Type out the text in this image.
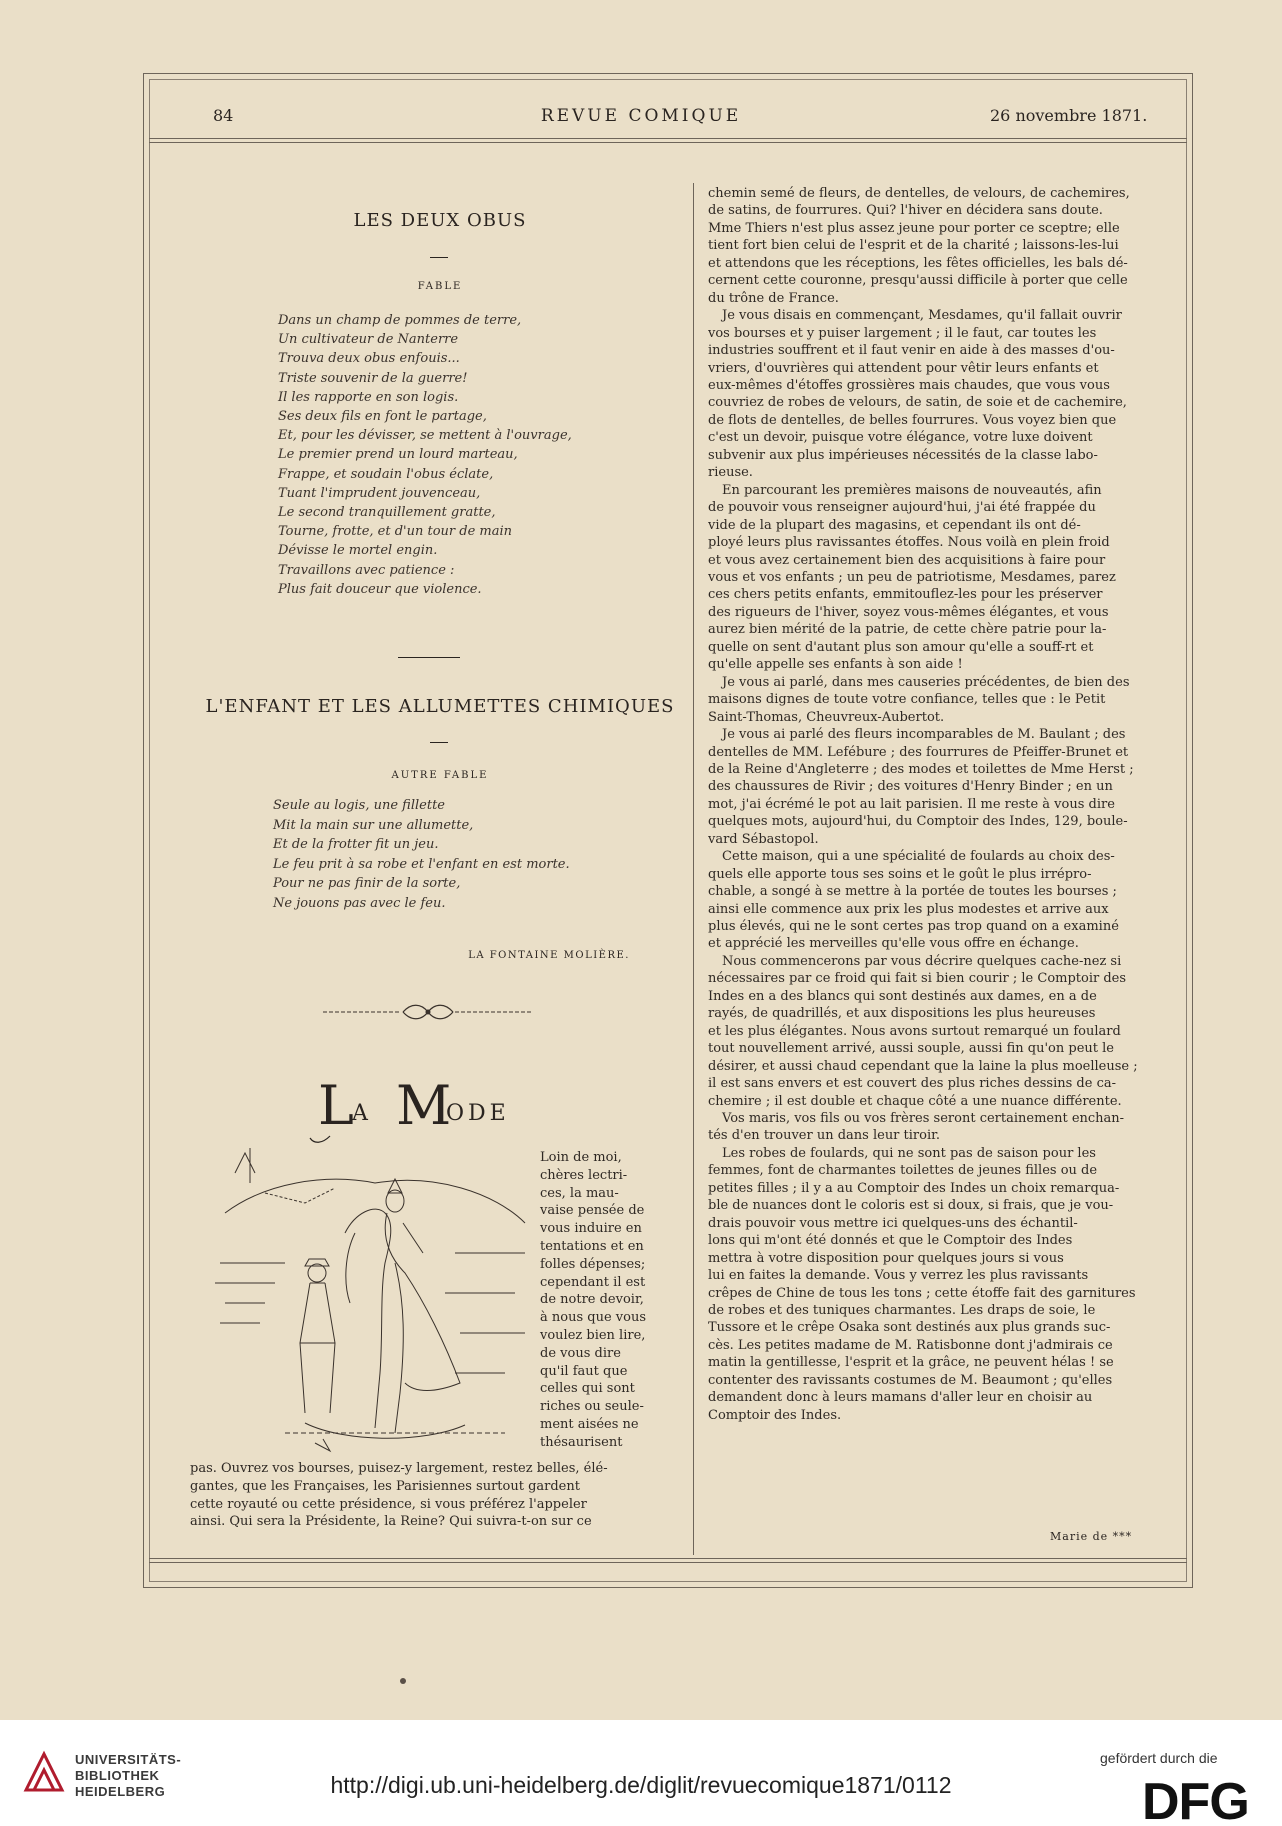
84	REVUE COMIQUE	26 novembre 1871.
LES DEUX OBUS
FABLE
Dans un champ de pommes de terre,
Un cultivateur de Nanterre
Trouva deux obus enfouis...
Triste souvenir de la guerre!
Il les rapporte en son logis.
Ses deux fils en font le partage,
Et, pour les dévisser, se mettent à l'ouvrage,
Le premier prend un lourd marteau,
Frappe, et soudain l'obus éclate,
Tuant l'imprudent jouvenceau,
Le second tranquillement gratte,
Tourne, frotte, et d'un tour de main
Dévisse le mortel engin.
Travaillons avec patience :
Plus fait douceur que violence.
L'ENFANT ET LES ALLUMETTES CHIMIQUES
AUTRE FABLE
Seule au logis, une fillette
Mit la main sur une allumette,
Et de la frotter fit un jeu.
Le feu prit à sa robe et l'enfant en est morte.
Pour ne pas finir de la sorte,
Ne jouons pas avec le feu.
LA FONTAINE MOLIÈRE.
L
A M
ODE
Loin de moi,
chères lectri-
ces, la mau-
vaise pensée de
vous induire en
tentations et en
folles dépenses;
cependant il est
de notre devoir,
à nous que vous
voulez bien lire,
de vous dire
qu'il faut que
celles qui sont
riches ou seule-
ment aisées ne
thésaurisent
pas. Ouvrez vos bourses, puisez-y largement, restez belles, élé-
gantes, que les Françaises, les Parisiennes surtout gardent
cette royauté ou cette présidence, si vous préférez l'appeler
ainsi. Qui sera la Présidente, la Reine? Qui suivra-t-on sur ce
chemin semé de fleurs, de dentelles, de velours, de cachemires,
de satins, de fourrures. Qui? l'hiver en décidera sans doute.
Mme Thiers n'est plus assez jeune pour porter ce sceptre; elle
tient fort bien celui de l'esprit et de la charité ; laissons-les-lui
et attendons que les réceptions, les fêtes officielles, les bals dé-
cernent cette couronne, presqu'aussi difficile à porter que celle
du trône de France.
Je vous disais en commençant, Mesdames, qu'il fallait ouvrir
vos bourses et y puiser largement ; il le faut, car toutes les
industries souffrent et il faut venir en aide à des masses d'ou-
vriers, d'ouvrières qui attendent pour vêtir leurs enfants et
eux-mêmes d'étoffes grossières mais chaudes, que vous vous
couvriez de robes de velours, de satin, de soie et de cachemire,
de flots de dentelles, de belles fourrures. Vous voyez bien que
c'est un devoir, puisque votre élégance, votre luxe doivent
subvenir aux plus impérieuses nécessités de la classe labo-
rieuse.
En parcourant les premières maisons de nouveautés, afin
de pouvoir vous renseigner aujourd'hui, j'ai été frappée du
vide de la plupart des magasins, et cependant ils ont dé-
ployé leurs plus ravissantes étoffes. Nous voilà en plein froid
et vous avez certainement bien des acquisitions à faire pour
vous et vos enfants ; un peu de patriotisme, Mesdames, parez
ces chers petits enfants, emmitouflez-les pour les préserver
des rigueurs de l'hiver, soyez vous-mêmes élégantes, et vous
aurez bien mérité de la patrie, de cette chère patrie pour la-
quelle on sent d'autant plus son amour qu'elle a souff-rt et
qu'elle appelle ses enfants à son aide !
Je vous ai parlé, dans mes causeries précédentes, de bien des
maisons dignes de toute votre confiance, telles que : le Petit
Saint-Thomas, Cheuvreux-Aubertot.
Je vous ai parlé des fleurs incomparables de M. Baulant ; des
dentelles de MM. Lefébure ; des fourrures de Pfeiffer-Brunet et
de la Reine d'Angleterre ; des modes et toilettes de Mme Herst ;
des chaussures de Rivir ; des voitures d'Henry Binder ; en un
mot, j'ai écrémé le pot au lait parisien. Il me reste à vous dire
quelques mots, aujourd'hui, du Comptoir des Indes, 129, boule-
vard Sébastopol.
Cette maison, qui a une spécialité de foulards au choix des-
quels elle apporte tous ses soins et le goût le plus irrépro-
chable, a songé à se mettre à la portée de toutes les bourses ;
ainsi elle commence aux prix les plus modestes et arrive aux
plus élevés, qui ne le sont certes pas trop quand on a examiné
et apprécié les merveilles qu'elle vous offre en échange.
Nous commencerons par vous décrire quelques cache-nez si
nécessaires par ce froid qui fait si bien courir ; le Comptoir des
Indes en a des blancs qui sont destinés aux dames, en a de
rayés, de quadrillés, et aux dispositions les plus heureuses
et les plus élégantes. Nous avons surtout remarqué un foulard
tout nouvellement arrivé, aussi souple, aussi fin qu'on peut le
désirer, et aussi chaud cependant que la laine la plus moelleuse ;
il est sans envers et est couvert des plus riches dessins de ca-
chemire ; il est double et chaque côté a une nuance différente.
Vos maris, vos fils ou vos frères seront certainement enchan-
tés d'en trouver un dans leur tiroir.
Les robes de foulards, qui ne sont pas de saison pour les
femmes, font de charmantes toilettes de jeunes filles ou de
petites filles ; il y a au Comptoir des Indes un choix remarqua-
ble de nuances dont le coloris est si doux, si frais, que je vou-
drais pouvoir vous mettre ici quelques-uns des échantil-
lons qui m'ont été donnés et que le Comptoir des Indes
mettra à votre disposition pour quelques jours si vous
lui en faites la demande. Vous y verrez les plus ravissants
crêpes de Chine de tous les tons ; cette étoffe fait des garnitures
de robes et des tuniques charmantes. Les draps de soie, le
Tussore et le crêpe Osaka sont destinés aux plus grands suc-
cès. Les petites madame de M. Ratisbonne dont j'admirais ce
matin la gentillesse, l'esprit et la grâce, ne peuvent hélas ! se
contenter des ravissants costumes de M. Beaumont ; qu'elles
demandent donc à leurs mamans d'aller leur en choisir au
Comptoir des Indes.
Marie de ***
UNIVERSITÄTS-
BIBLIOTHEK
HEIDELBERG	http://digi.ub.uni-heidelberg.de/diglit/revuecomique1871/0112
gefördert durch die
DFG
